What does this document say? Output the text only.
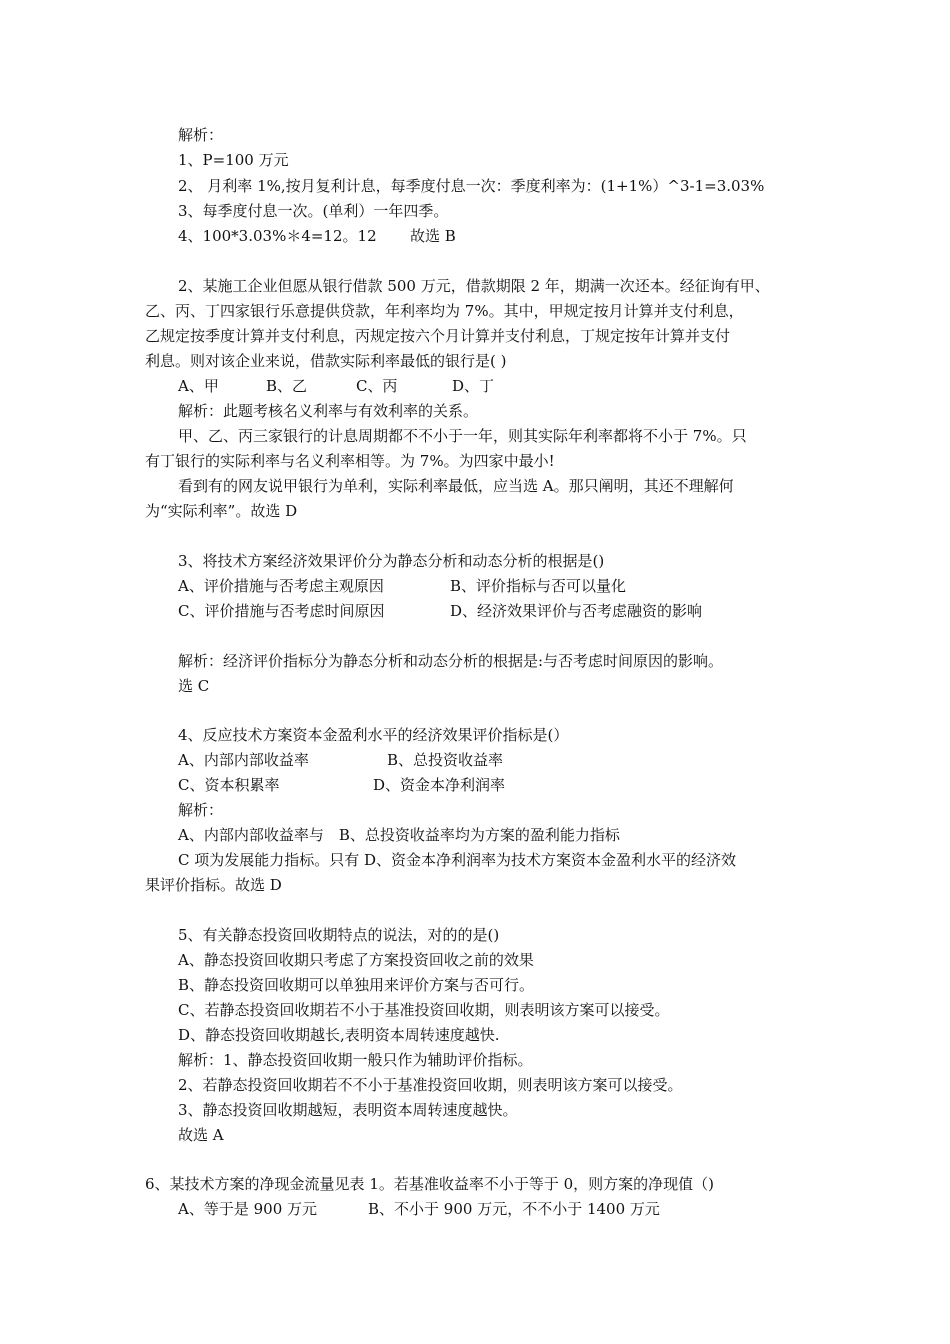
解析：
1、P=100 万元
2、 月利率 1%,按月复利计息，每季度付息一次：季度利率为：(1+1%）^3-1=3.03%
3、每季度付息一次。(单利）一年四季。
4、100*3.03%＊4=12。12 故选 B
2、某施工企业但愿从银行借款 500 万元，借款期限 2 年，期满一次还本。经征询有甲、
乙、丙、丁四家银行乐意提供贷款，年利率均为 7%。其中，甲规定按月计算并支付利息，
乙规定按季度计算并支付利息，丙规定按六个月计算并支付利息，丁规定按年计算并支付
利息。则对该企业来说，借款实际利率最低的银行是( )
A、甲	B、乙	C、丙	D、丁
解析：此题考核名义利率与有效利率的关系。
甲、乙、丙三家银行的计息周期都不不小于一年，则其实际年利率都将不小于 7%。只
有丁银行的实际利率与名义利率相等。为 7%。为四家中最小!
看到有的网友说甲银行为单利，实际利率最低，应当选 A。那只阐明，其还不理解何
为“实际利率”。故选 D
3、将技术方案经济效果评价分为静态分析和动态分析的根据是()
A、评价措施与否考虑主观原因	B、评价指标与否可以量化
C、评价措施与否考虑时间原因	D、经济效果评价与否考虑融资的影响
解析：经济评价指标分为静态分析和动态分析的根据是:与否考虑时间原因的影响。
选 C
4、反应技术方案资本金盈利水平的经济效果评价指标是(）
A、内部内部收益率	B、总投资收益率
C、资本积累率	D、资金本净利润率
解析：
A、内部内部收益率与　B、总投资收益率均为方案的盈利能力指标
C 项为发展能力指标。只有 D、资金本净利润率为技术方案资本金盈利水平的经济效
果评价指标。故选 D
5、有关静态投资回收期特点的说法，对的的是()
A、静态投资回收期只考虑了方案投资回收之前的效果
B、静态投资回收期可以单独用来评价方案与否可行。
C、若静态投资回收期若不小于基准投资回收期，则表明该方案可以接受。
D、静态投资回收期越长,表明资本周转速度越快.
解析：1、静态投资回收期一般只作为辅助评价指标。
2、若静态投资回收期若不不小于基准投资回收期，则表明该方案可以接受。
3、静态投资回收期越短，表明资本周转速度越快。
故选 A
6、某技术方案的净现金流量见表 1。若基准收益率不小于等于 0，则方案的净现值（)
A、等于是 900 万元	B、不小于 900 万元，不不小于 1400 万元
